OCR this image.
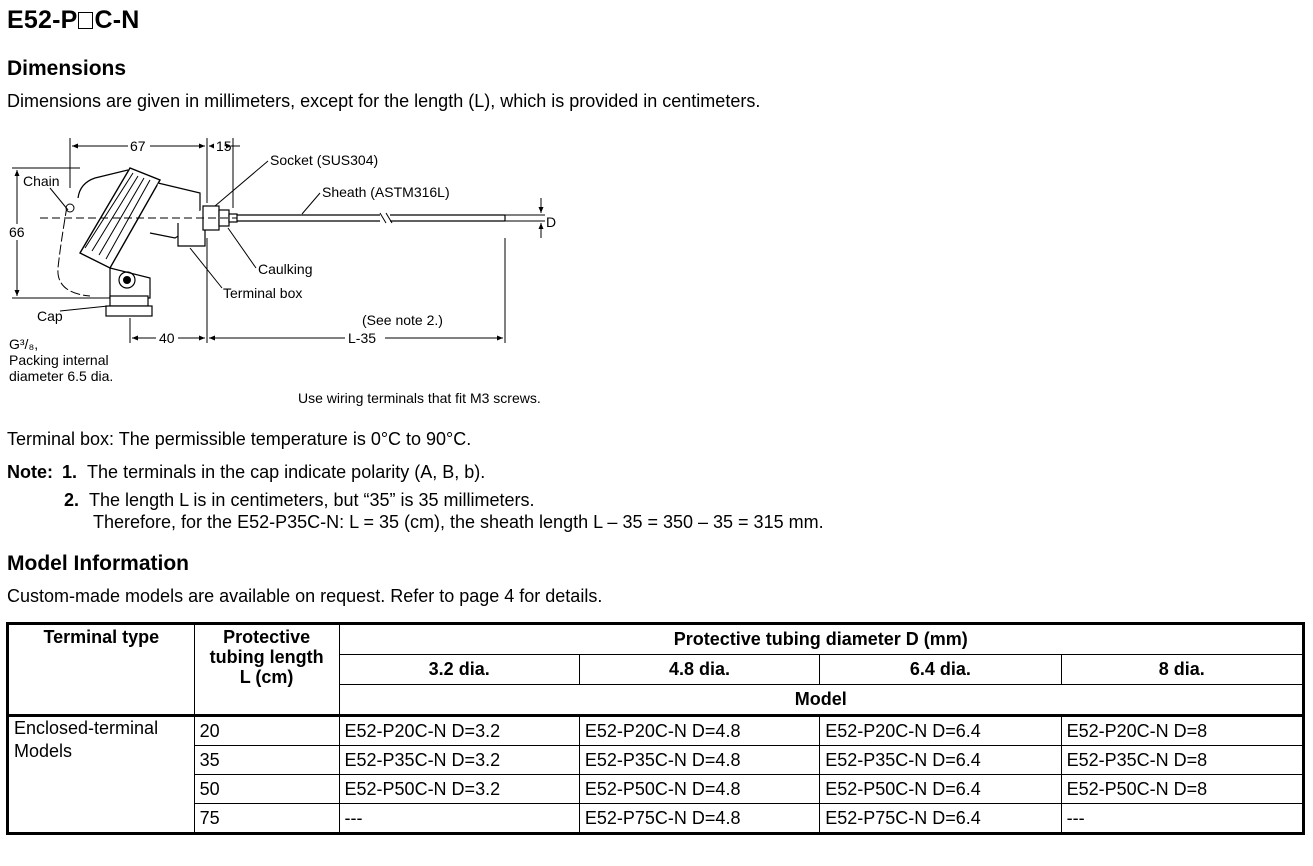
E52-P C-N
Dimensions
Dimensions are given in millimeters, except for the length (L), which is provided in centimeters.
67	15
66
40	L-35
D
Chain
Socket (SUS304)
Sheath (ASTM316L)
Caulking
Terminal box
Cap	(See note 2.)
G³/₈,
Packing internal
diameter 6.5 dia.
Use wiring terminals that fit M3 screws.
Terminal box: The permissible temperature is 0°C to 90°C.
Note: 1. The terminals in the cap indicate polarity (A, B, b).
2. The length L is in centimeters, but “35” is 35 millimeters.
Therefore, for the E52-P35C-N: L = 35 (cm), the sheath length L – 35 = 350 – 35 = 315 mm.
Model Information
Custom-made models are available on request. Refer to page 4 for details.
Terminal type	Protective tubing length L (cm)	Protective tubing diameter D (mm)			
		3.2 dia.	4.8 dia.	6.4 dia.	8 dia.
		Model			
Enclosed-terminal Models	20	E52-P20C-N D=3.2	E52-P20C-N D=4.8	E52-P20C-N D=6.4	E52-P20C-N D=8
	35	E52-P35C-N D=3.2	E52-P35C-N D=4.8	E52-P35C-N D=6.4	E52-P35C-N D=8
	50	E52-P50C-N D=3.2	E52-P50C-N D=4.8	E52-P50C-N D=6.4	E52-P50C-N D=8
	75	---	E52-P75C-N D=4.8	E52-P75C-N D=6.4	---
